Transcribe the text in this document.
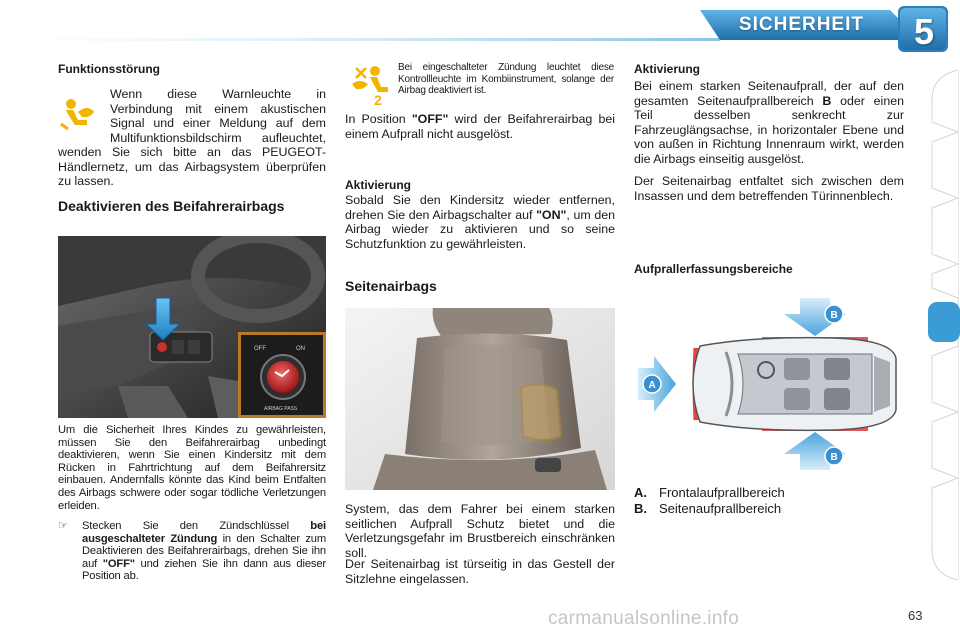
SICHERHEIT 5
Funktionsstörung
Wenn diese Warnleuchte in Verbindung mit einem akustischen Signal und einer Meldung auf dem Multifunktionsbildschirm aufleuchtet, wenden Sie sich bitte an das PEUGEOT-Händlernetz, um das Airbagsystem überprüfen zu lassen.
Deaktivieren des Beifahrerairbags
OFF	ON
AIRBAG PASS
Um die Sicherheit Ihres Kindes zu gewährleisten, müssen Sie den Beifahrerairbag unbedingt deaktivieren, wenn Sie einen Kindersitz mit dem Rücken in Fahrtrichtung auf dem Beifahrersitz einbauen. Andernfalls könnte das Kind beim Entfalten des Airbags schwere oder sogar tödliche Verletzungen erleiden.
☞ Stecken Sie den Zündschlüssel bei ausgeschalteter Zündung in den Schalter zum Deaktivieren des Beifahrerairbags, drehen Sie ihn auf "OFF" und ziehen Sie ihn dann aus dieser Position ab.
2
Bei eingeschalteter Zündung leuchtet diese Kontrollleuchte im Kombiinstrument, solange der Airbag deaktiviert ist.
In Position "OFF" wird der Beifahrerairbag bei einem Aufprall nicht ausgelöst.
Aktivierung
Sobald Sie den Kindersitz wieder entfernen, drehen Sie den Airbagschalter auf "ON", um den Airbag wieder zu aktivieren und so seine Schutzfunktion zu gewährleisten.
Seitenairbags
System, das dem Fahrer bei einem starken seitlichen Aufprall Schutz bietet und die Verletzungsgefahr im Brustbereich einschränken soll.
Der Seitenairbag ist türseitig in das Gestell der Sitzlehne eingelassen.
Aktivierung
Bei einem starken Seitenaufprall, der auf den gesamten Seitenaufprallbereich B oder einen Teil desselben senkrecht zur Fahrzeuglängsachse, in horizontaler Ebene und von außen in Richtung Innenraum wirkt, werden die Airbags einseitig ausgelöst.
Der Seitenairbag entfaltet sich zwischen dem Insassen und dem betreffenden Türinnenblech.
Aufprallerfassungsbereiche
A
B
B
A. Frontalaufprallbereich
B. Seitenaufprallbereich
carmanualsonline.info	63
